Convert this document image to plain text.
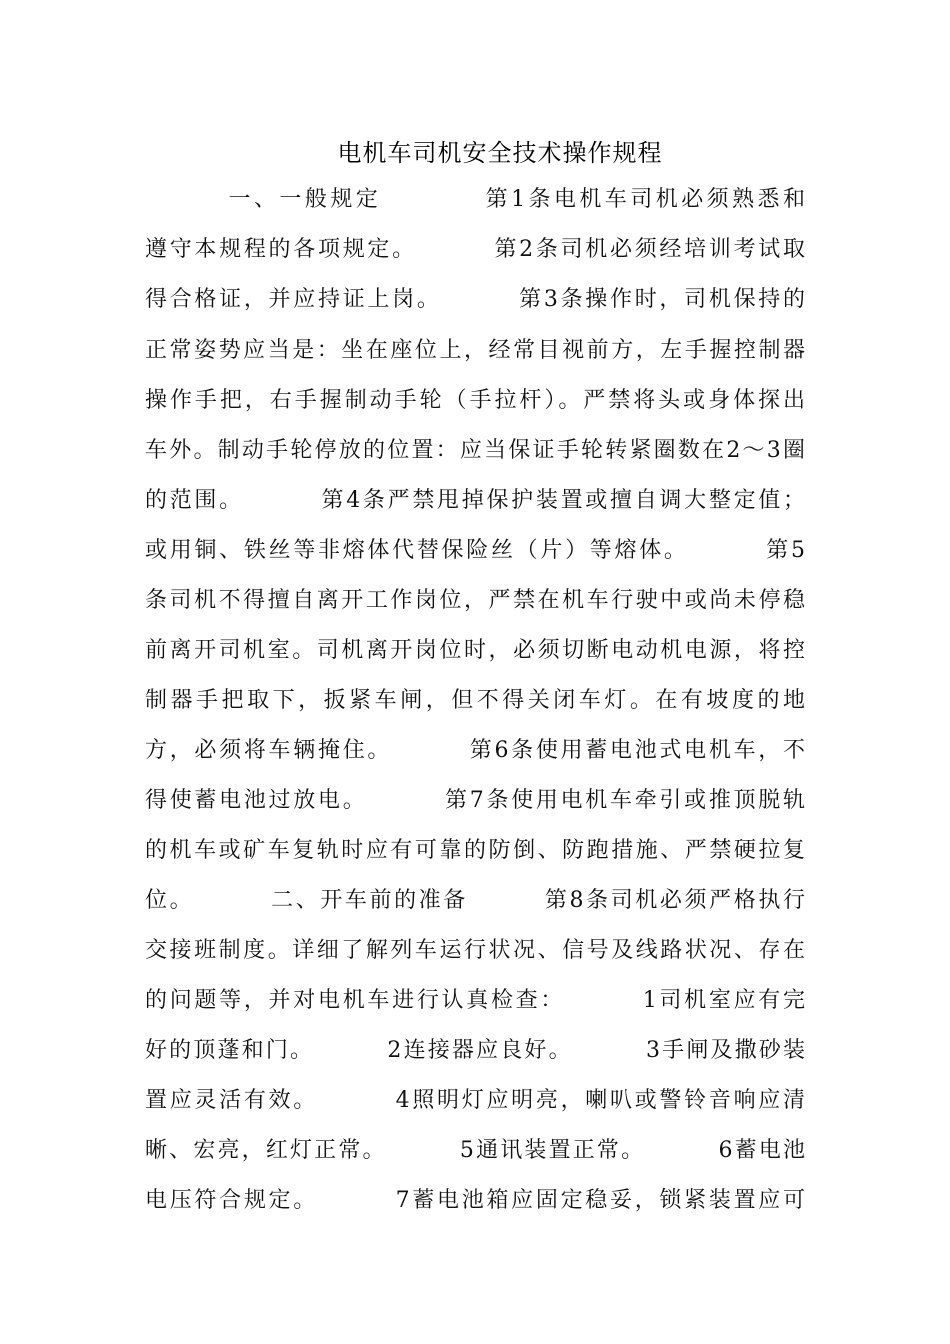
电机车司机安全技术操作规程
一、一般规定          第1条电机车司机必须熟悉和
遵守本规程的各项规定。        第2条司机必须经培训考试取
得合格证，并应持证上岗。        第3条操作时，司机保持的
正常姿势应当是：坐在座位上，经常目视前方，左手握控制器
操作手把，右手握制动手轮（手拉杆）。严禁将头或身体探出
车外。制动手轮停放的位置：应当保证手轮转紧圈数在2～3圈
的范围。        第4条严禁甩掉保护装置或擅自调大整定值；
或用铜、铁丝等非熔体代替保险丝（片）等熔体。        第5
条司机不得擅自离开工作岗位，严禁在机车行驶中或尚未停稳
前离开司机室。司机离开岗位时，必须切断电动机电源，将控
制器手把取下，扳紧车闸，但不得关闭车灯。在有坡度的地
方，必须将车辆掩住。        第6条使用蓄电池式电机车，不
得使蓄电池过放电。        第7条使用电机车牵引或推顶脱轨
的机车或矿车复轨时应有可靠的防倒、防跑措施、严禁硬拉复
位。        二、开车前的准备        第8条司机必须严格执行
交接班制度。详细了解列车运行状况、信号及线路状况、存在
的问题等，并对电机车进行认真检查：        1司机室应有完
好的顶蓬和门。        2连接器应良好。        3手闸及撒砂装
置应灵活有效。        4照明灯应明亮，喇叭或警铃音响应清
晰、宏亮，红灯正常。        5通讯装置正常。        6蓄电池
电压符合规定。        7蓄电池箱应固定稳妥，锁紧装置应可
